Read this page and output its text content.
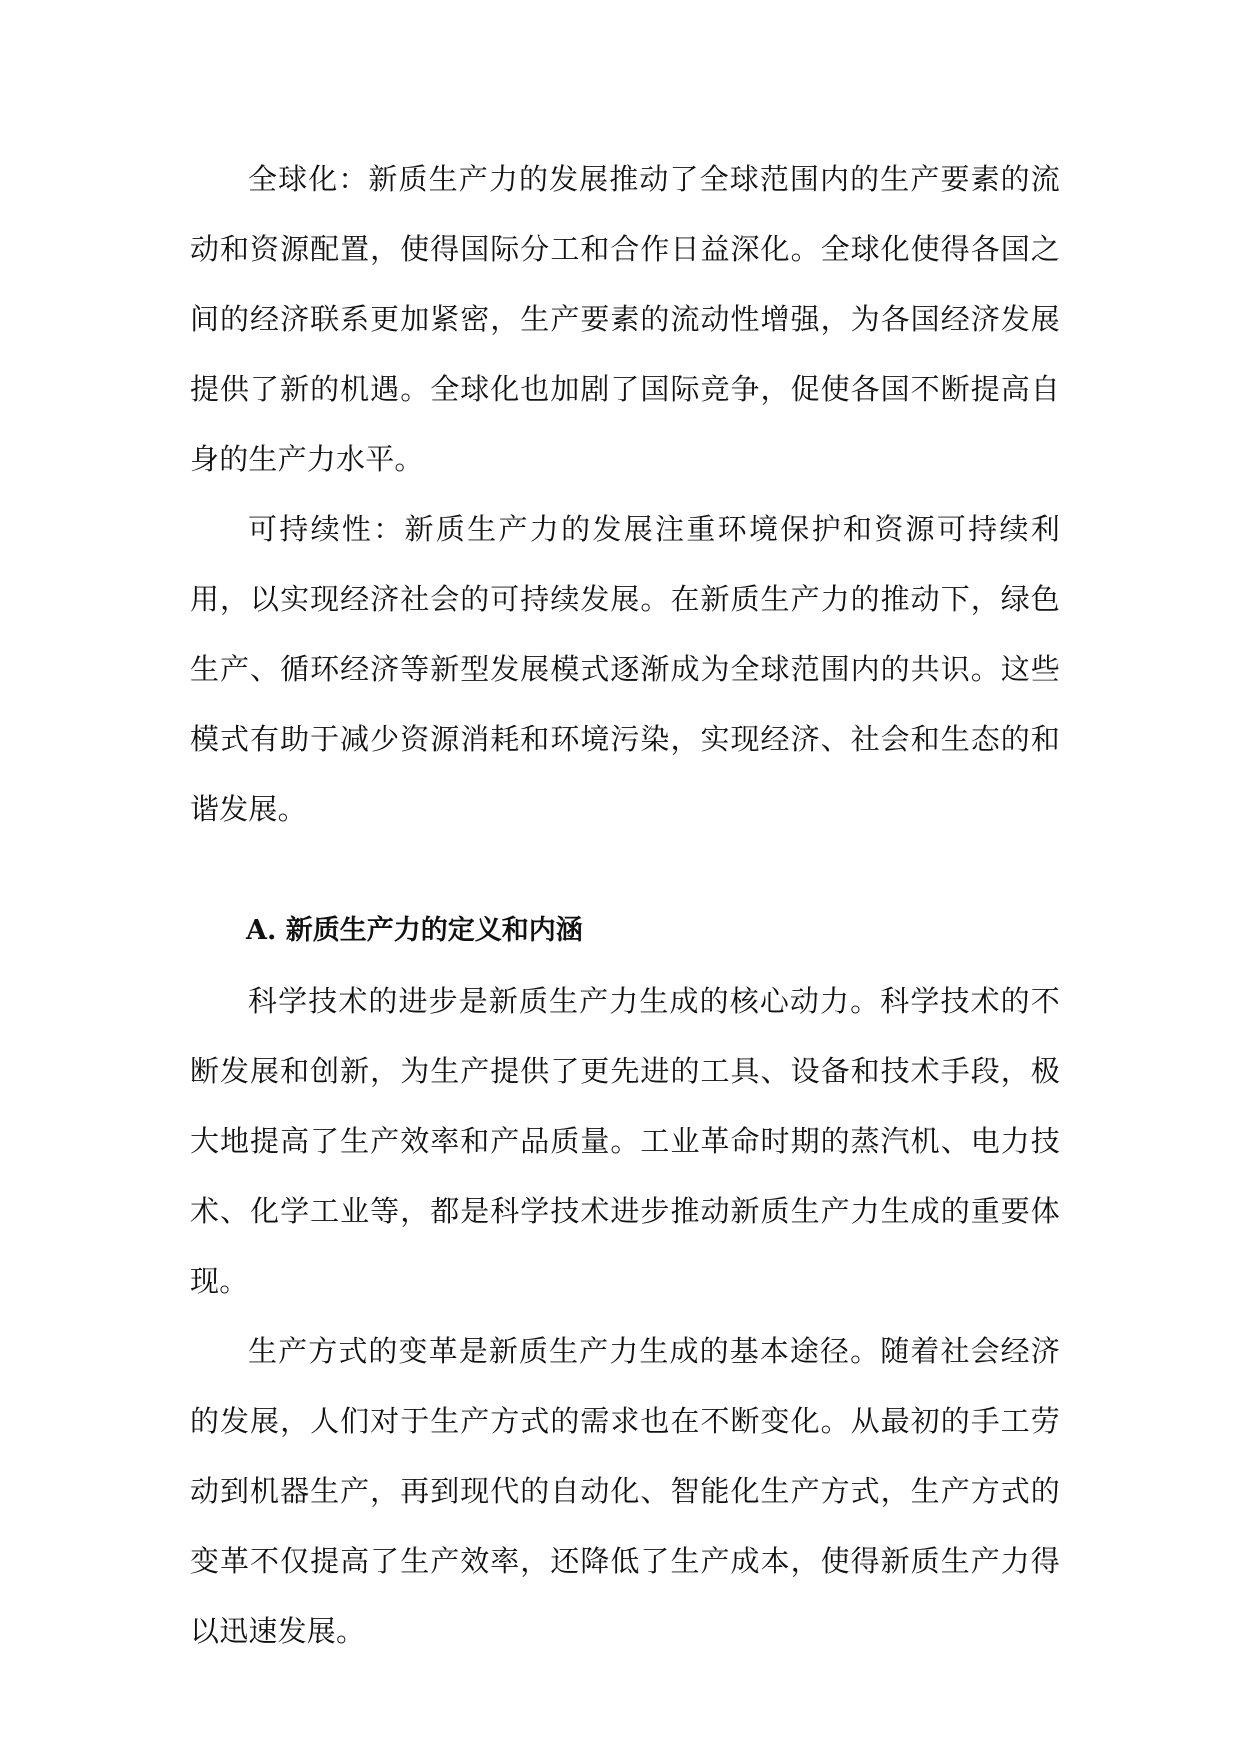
全球化：新质生产力的发展推动了全球范围内的生产要素的流动和资源配置，使得国际分工和合作日益深化。全球化使得各国之间的经济联系更加紧密，生产要素的流动性增强，为各国经济发展提供了新的机遇。全球化也加剧了国际竞争，促使各国不断提高自身的生产力水平。

可持续性：新质生产力的发展注重环境保护和资源可持续利用，以实现经济社会的可持续发展。在新质生产力的推动下，绿色生产、循环经济等新型发展模式逐渐成为全球范围内的共识。这些模式有助于减少资源消耗和环境污染，实现经济、社会和生态的和谐发展。

A. 新质生产力的定义和内涵

科学技术的进步是新质生产力生成的核心动力。科学技术的不断发展和创新，为生产提供了更先进的工具、设备和技术手段，极大地提高了生产效率和产品质量。工业革命时期的蒸汽机、电力技术、化学工业等，都是科学技术进步推动新质生产力生成的重要体现。

生产方式的变革是新质生产力生成的基本途径。随着社会经济的发展，人们对于生产方式的需求也在不断变化。从最初的手工劳动到机器生产，再到现代的自动化、智能化生产方式，生产方式的变革不仅提高了生产效率，还降低了生产成本，使得新质生产力得以迅速发展。
